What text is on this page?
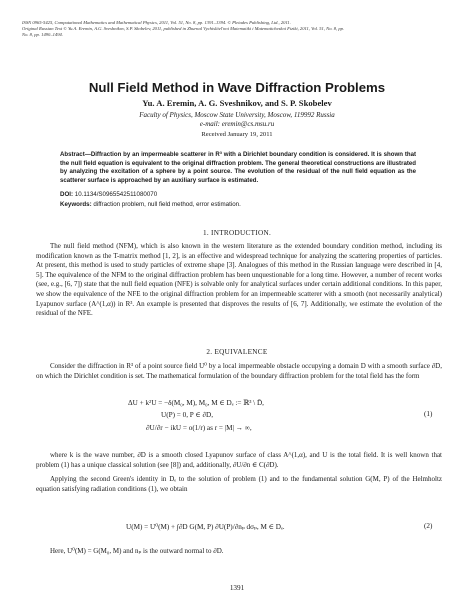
ISSN 0965-5425, Computational Mathematics and Mathematical Physics, 2011, Vol. 51, No. 8, pp. 1391–1394. © Pleiades Publishing, Ltd., 2011.
Original Russian Text © Yu.A. Eremin, A.G. Sveshnikov, S.P. Skobelev, 2011, published in Zhurnal Vychislitel'noi Matematiki i Matematicheskoi Fiziki, 2011, Vol. 51, No. 8, pp.
No. 8, pp. 1490–1494.
Null Field Method in Wave Diffraction Problems
Yu. A. Eremin, A. G. Sveshnikov, and S. P. Skobelev
Faculty of Physics, Moscow State University, Moscow, 119992 Russia
e-mail: eremin@cs.msu.ru
Received January 19, 2011
Abstract—Diffraction by an impermeable scatterer in R³ with a Dirichlet boundary condition is considered. It is shown that the null field equation is equivalent to the original diffraction problem. The general theoretical constructions are illustrated by analyzing the excitation of a sphere by a point source. The evolution of the residual of the null field equation as the scatterer surface is approached by an auxiliary surface is estimated.
DOI: 10.1134/S0965542511080070
Keywords: diffraction problem, null field method, error estimation.
1. INTRODUCTION.

The null field method (NFM), which is also known in the western literature as the extended boundary condition method, including its modification known as the T-matrix method [1, 2], is an effective and widespread technique for analyzing the scattering properties of particles. At present, this method is used to study particles of extreme shape [3]. Analogues of this method in the Russian language were described in [4, 5]. The equivalence of the NFM to the original diffraction problem has been unquestionable for a long time. However, a number of recent works (see, e.g., [6, 7]) state that the null field equation (NFE) is solvable only for analytical surfaces under certain additional conditions. In this paper, we show the equivalence of the NFE to the original diffraction problem for an impermeable scatterer with a smooth (not necessarily analytical) Lyapunov surface (A^(1,α)) in R³. An example is presented that disproves the results of [6, 7]. Additionally, we estimate the evolution of the residual of the NFE.

2. EQUIVALENCE

Consider the diffraction in R³ of a point source field U⁰ by a local impermeable obstacle occupying a domain D with a smooth surface ∂D, on which the Dirichlet condition is set. The mathematical formulation of the boundary diffraction problem for the total field has the form

ΔU + k²U = −δ(M₀, M), M₀, M ∈ Dₑ := ℝ³ \ D̄,
U(P) = 0, P ∈ ∂D,
∂U/∂r − ikU = o(1/r) as r = |M| → ∞,
(1)

where k is the wave number, ∂D is a smooth closed Lyapunov surface of class A^(1,α), and U is the total field. It is well known that problem (1) has a unique classical solution (see [8]) and, additionally, ∂U/∂n ∈ C(∂D).

Applying the second Green's identity in Dₑ to the solution of problem (1) and to the fundamental solution G(M, P) of the Helmholtz equation satisfying radiation conditions (1), we obtain

U(M) = U⁰(M) + ∫∂D G(M, P) ∂U(P)/∂nₚ dσₚ, M ∈ Dₑ.	(2)

Here, U⁰(M) = G(M₀, M) and nₚ is the outward normal to ∂D.

1391
